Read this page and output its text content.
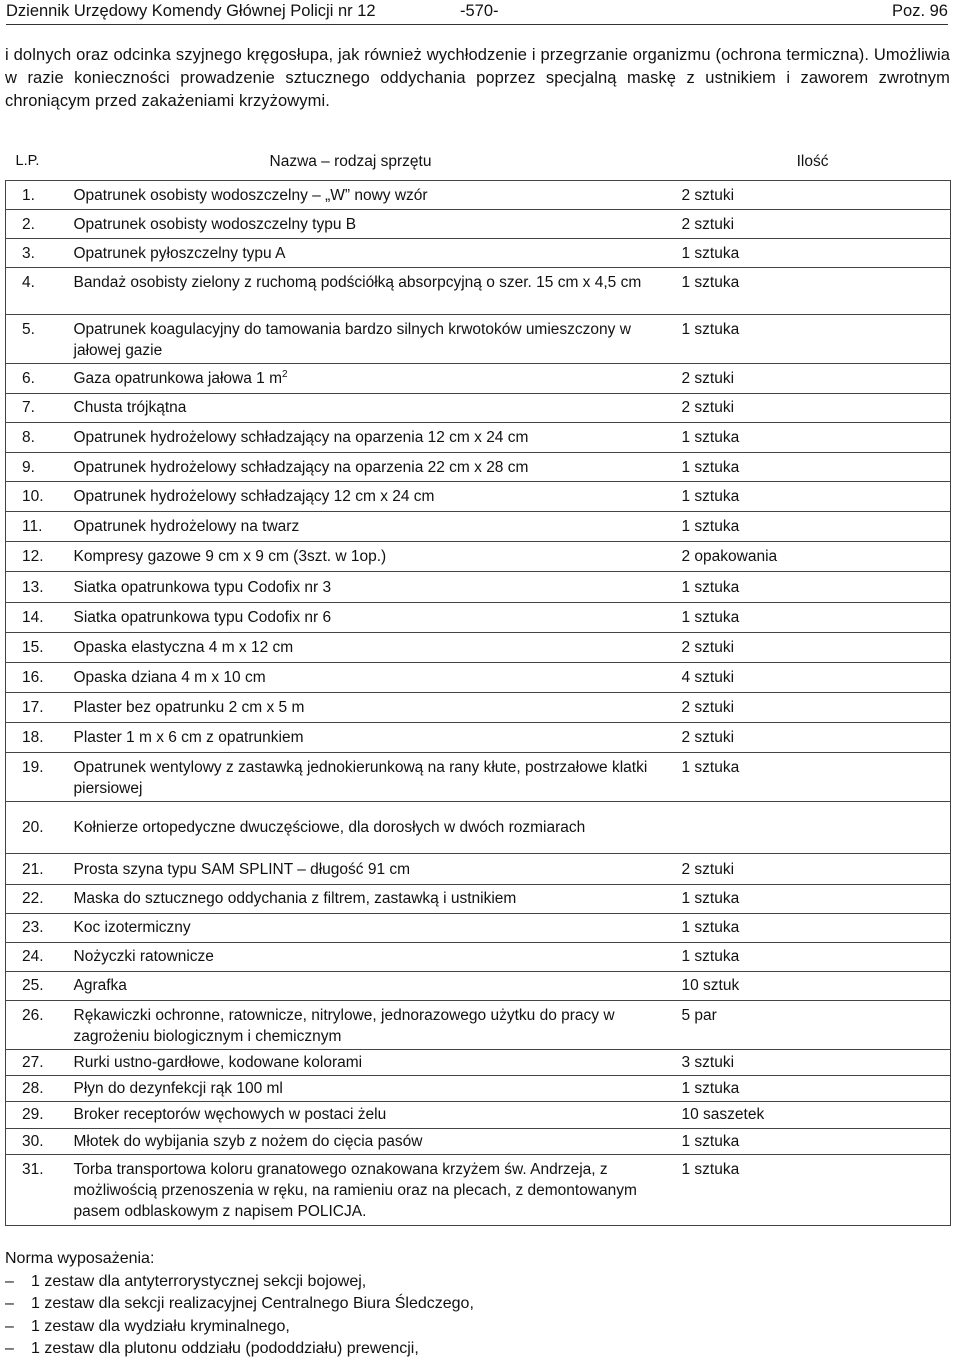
Dziennik Urzędowy Komendy Głównej Policji nr 12	-570-	Poz. 96
i dolnych oraz odcinka szyjnego kręgosłupa, jak również wychłodzenie i przegrzanie organizmu (ochrona termiczna). Umożliwia w razie konieczności prowadzenie sztucznego oddychania poprzez specjalną maskę z ustnikiem i zaworem zwrotnym chroniącym przed zakażeniami krzyżowymi.
L.P.	Nazwa – rodzaj sprzętu	Ilość
1.	Opatrunek osobisty wodoszczelny – „W” nowy wzór	2 sztuki
2.	Opatrunek osobisty wodoszczelny typu B	2 sztuki
3.	Opatrunek pyłoszczelny typu A	1 sztuka
4.	Bandaż osobisty zielony z ruchomą podściółką absorpcyjną o szer. 15 cm x 4,5 cm	1 sztuka
5.	Opatrunek koagulacyjny do tamowania bardzo silnych krwotoków umieszczony w jałowej gazie	1 sztuka
6.	Gaza opatrunkowa jałowa 1 $m^2$	2 sztuki
7.	Chusta trójkątna	2 sztuki
8.	Opatrunek hydrożelowy schładzający na oparzenia 12 cm x 24 cm	1 sztuka
9.	Opatrunek hydrożelowy schładzający na oparzenia 22 cm x 28 cm	1 sztuka
10.	Opatrunek hydrożelowy schładzający 12 cm x 24 cm	1 sztuka
11.	Opatrunek hydrożelowy na twarz	1 sztuka
12.	Kompresy gazowe 9 cm x 9 cm (3szt. w 1op.)	2 opakowania
13.	Siatka opatrunkowa typu Codofix nr 3	1 sztuka
14.	Siatka opatrunkowa typu Codofix nr 6	1 sztuka
15.	Opaska elastyczna 4 m x 12 cm	2 sztuki
16.	Opaska dziana 4 m x 10 cm	4 sztuki
17.	Plaster bez opatrunku 2 cm x 5 m	2 sztuki
18.	Plaster 1 m x 6 cm z opatrunkiem	2 sztuki
19.	Opatrunek wentylowy z zastawką jednokierunkową na rany kłute, postrzałowe klatki piersiowej	1 sztuka
20.	Kołnierze ortopedyczne dwuczęściowe, dla dorosłych w dwóch rozmiarach	
21.	Prosta szyna typu SAM SPLINT – długość 91 cm	2 sztuki
22.	Maska do sztucznego oddychania z filtrem, zastawką i ustnikiem	1 sztuka
23.	Koc izotermiczny	1 sztuka
24.	Nożyczki ratownicze	1 sztuka
25.	Agrafka	10 sztuk
26.	Rękawiczki ochronne, ratownicze, nitrylowe, jednorazowego użytku do pracy w zagrożeniu biologicznym i chemicznym	5 par
27.	Rurki ustno-gardłowe, kodowane kolorami	3 sztuki
28.	Płyn do dezynfekcji rąk 100 ml	1 sztuka
29.	Broker receptorów węchowych w postaci żelu	10 saszetek
30.	Młotek do wybijania szyb z nożem do cięcia pasów	1 sztuka
31.	Torba transportowa koloru granatowego oznakowana krzyżem św. Andrzeja, z możliwością przenoszenia w ręku, na ramieniu oraz na plecach, z demontowanym pasem odblaskowym z napisem POLICJA.	1 sztuka
Norma wyposażenia:
– 1 zestaw dla antyterrorystycznej sekcji bojowej,
– 1 zestaw dla sekcji realizacyjnej Centralnego Biura Śledczego,
– 1 zestaw dla wydziału kryminalnego,
– 1 zestaw dla plutonu oddziału (pododdziału) prewencji,
